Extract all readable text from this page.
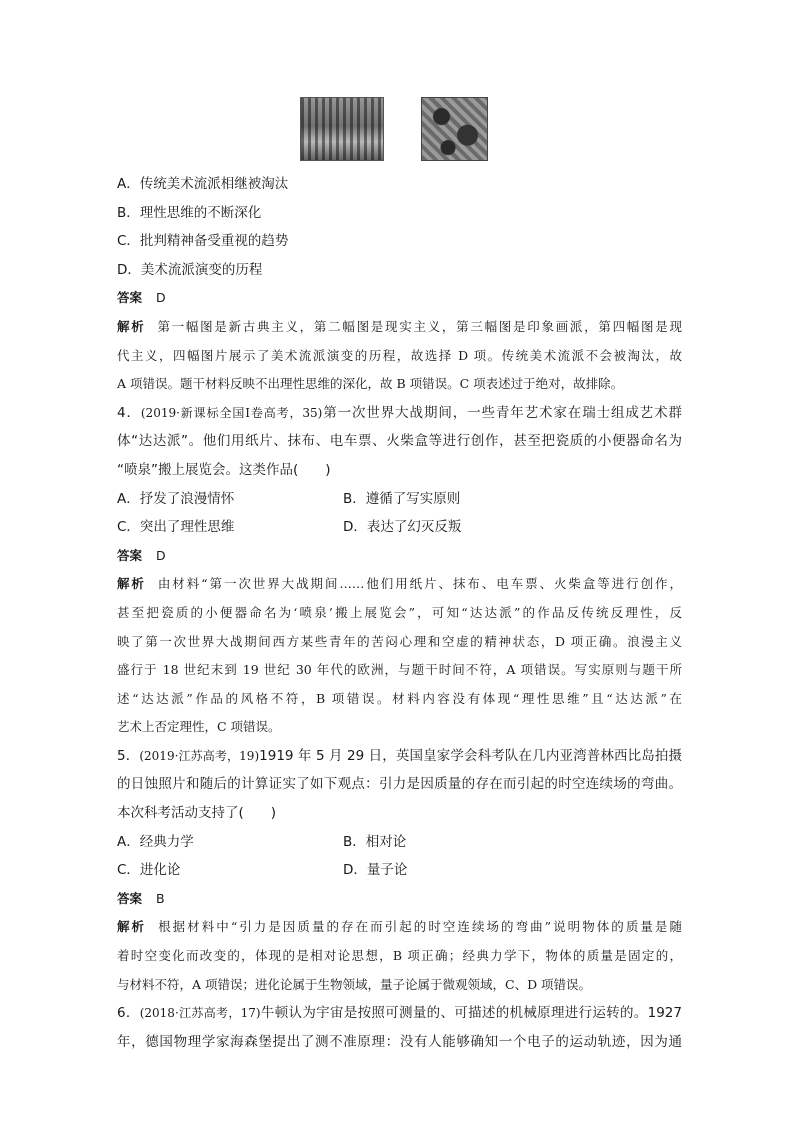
A．传统美术流派相继被淘汰
B．理性思维的不断深化
C．批判精神备受重视的趋势
D．美术流派演变的历程
答案 D
解析 第一幅图是新古典主义，第二幅图是现实主义，第三幅图是印象画派，第四幅图是现
代主义，四幅图片展示了美术流派演变的历程，故选择 D 项。传统美术流派不会被淘汰，故
A 项错误。题干材料反映不出理性思维的深化，故 B 项错误。C 项表述过于绝对，故排除。
4．(2019·新课标全国Ⅰ卷高考，35)第一次世界大战期间，一些青年艺术家在瑞士组成艺术群
体“达达派”。他们用纸片、抹布、电车票、火柴盒等进行创作，甚至把瓷质的小便器命名为
“喷泉”搬上展览会。这类作品(　　)
A．抒发了浪漫情怀	B．遵循了写实原则
C．突出了理性思维	D．表达了幻灭反叛
答案 D
解析 由材料“第一次世界大战期间……他们用纸片、抹布、电车票、火柴盒等进行创作，
甚至把瓷质的小便器命名为‘喷泉’搬上展览会”，可知“达达派”的作品反传统反理性，反
映了第一次世界大战期间西方某些青年的苦闷心理和空虚的精神状态，D 项正确。浪漫主义
盛行于 18 世纪末到 19 世纪 30 年代的欧洲，与题干时间不符，A 项错误。写实原则与题干所
述“达达派”作品的风格不符，B 项错误。材料内容没有体现“理性思维”且“达达派”在
艺术上否定理性，C 项错误。
5．(2019·江苏高考，19)1919 年 5 月 29 日，英国皇家学会科考队在几内亚湾普林西比岛拍摄
的日蚀照片和随后的计算证实了如下观点：引力是因质量的存在而引起的时空连续场的弯曲。
本次科考活动支持了(　　)
A．经典力学	B．相对论
C．进化论	D．量子论
答案 B
解析 根据材料中“引力是因质量的存在而引起的时空连续场的弯曲”说明物体的质量是随
着时空变化而改变的，体现的是相对论思想，B 项正确；经典力学下，物体的质量是固定的，
与材料不符，A 项错误；进化论属于生物领域，量子论属于微观领域，C、D 项错误。
6．(2018·江苏高考，17)牛顿认为宇宙是按照可测量的、可描述的机械原理进行运转的。1927
年，德国物理学家海森堡提出了测不准原理：没有人能够确知一个电子的运动轨迹，因为通
